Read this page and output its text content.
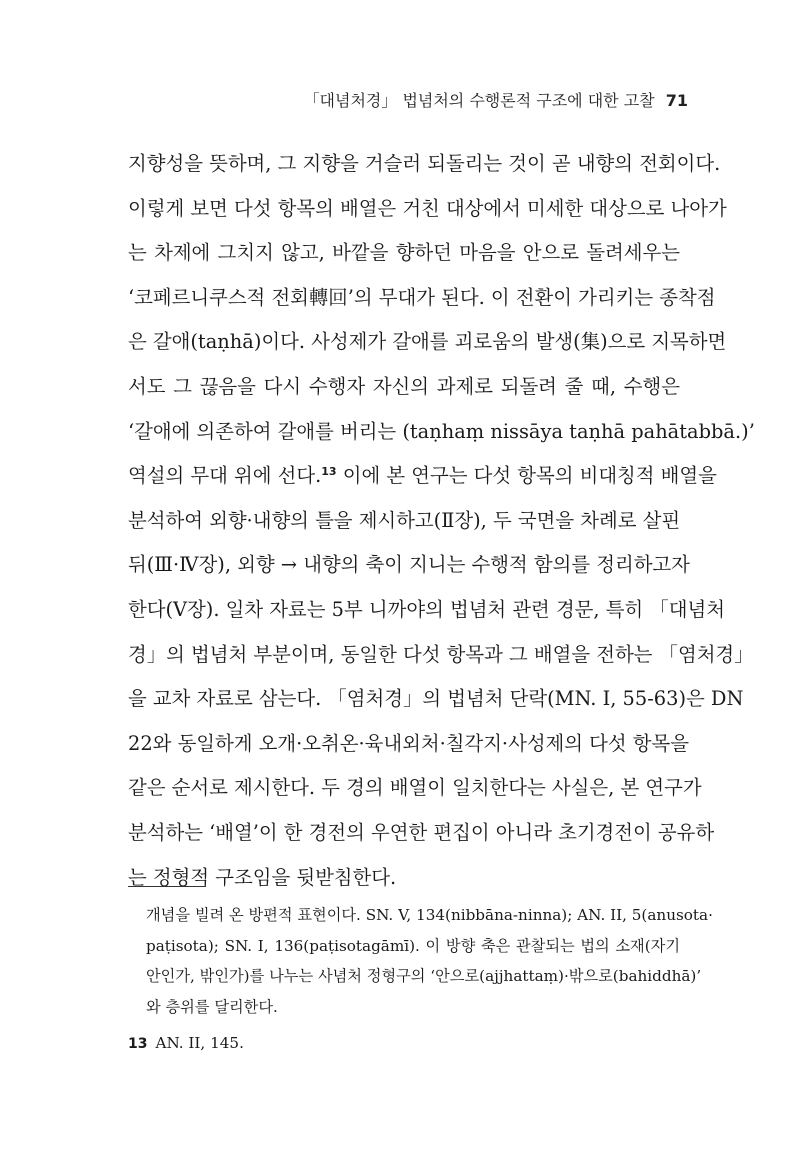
「대념처경」 법념처의 수행론적 구조에 대한 고찰 71
지향성을 뜻하며, 그 지향을 거슬러 되돌리는 것이 곧 내향의 전회이다.
이렇게 보면 다섯 항목의 배열은 거친 대상에서 미세한 대상으로 나아가
는 차제에 그치지 않고, 바깥을 향하던 마음을 안으로 돌려세우는
‘코페르니쿠스적 전회轉回’의 무대가 된다. 이 전환이 가리키는 종착점
은 갈애(taṇhā)이다. 사성제가 갈애를 괴로움의 발생(集)으로 지목하면
서도 그 끊음을 다시 수행자 자신의 과제로 되돌려 줄 때, 수행은
‘갈애에 의존하여 갈애를 버리는 (taṇhaṃ nissāya taṇhā pahātabbā.)’
역설의 무대 위에 선다.$^{13}$ 이에 본 연구는 다섯 항목의 비대칭적 배열을
분석하여 외향·내향의 틀을 제시하고(Ⅱ장), 두 국면을 차례로 살핀
뒤(Ⅲ·Ⅳ장), 외향 → 내향의 축이 지니는 수행적 함의를 정리하고자
한다(Ⅴ장). 일차 자료는 5부 니까야의 법념처 관련 경문, 특히 「대념처
경」의 법념처 부분이며, 동일한 다섯 항목과 그 배열을 전하는 「염처경」
을 교차 자료로 삼는다. 「염처경」의 법념처 단락(MN. I, 55-63)은 DN
22와 동일하게 오개·오취온·육내외처·칠각지·사성제의 다섯 항목을
같은 순서로 제시한다. 두 경의 배열이 일치한다는 사실은, 본 연구가
분석하는 ‘배열’이 한 경전의 우연한 편집이 아니라 초기경전이 공유하
는 정형적 구조임을 뒷받침한다.
개념을 빌려 온 방편적 표현이다. SN. V, 134(nibbāna-ninna); AN. II, 5(anusota·
paṭisota); SN. I, 136(paṭisotagāmī). 이 방향 축은 관찰되는 법의 소재(자기
안인가, 밖인가)를 나누는 사념처 정형구의 ‘안으로(ajjhattaṃ)·밖으로(bahiddhā)’
와 층위를 달리한다.
13 AN. II, 145.
